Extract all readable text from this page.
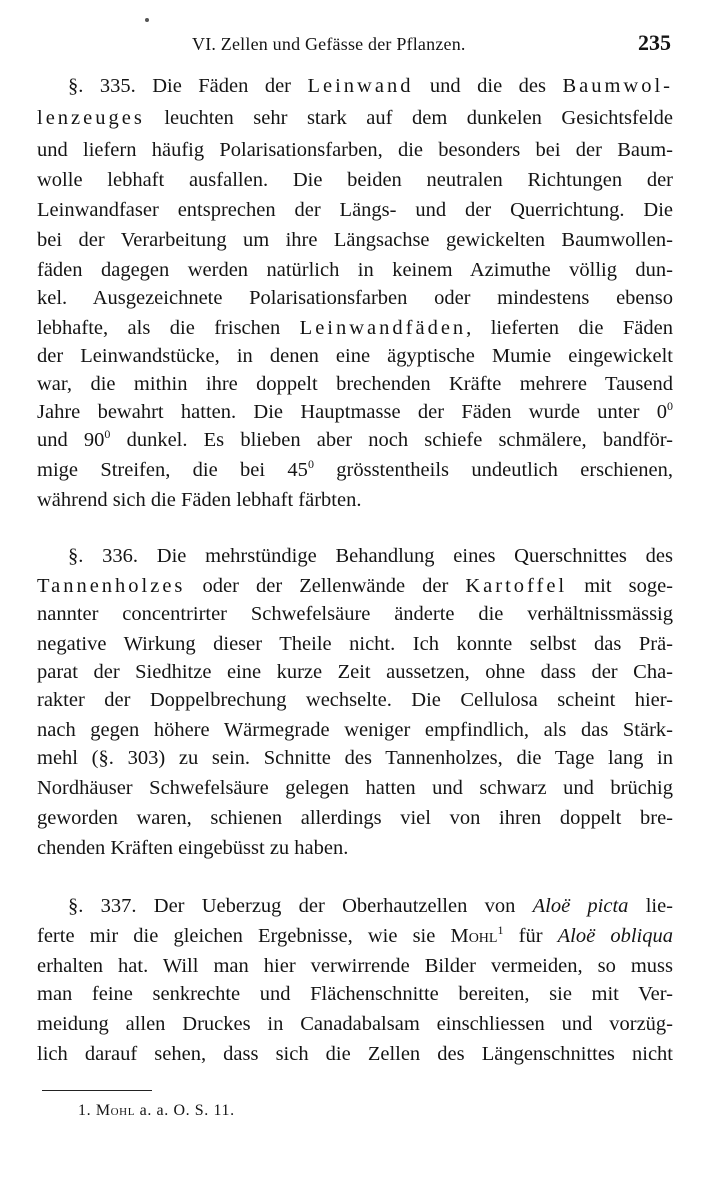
VI. Zellen und Gefässe der Pflanzen.	235
§. 335. Die Fäden der Leinwand und die des Baumwol-
lenzeuges leuchten sehr stark auf dem dunkelen Gesichtsfelde
und liefern häufig Polarisationsfarben, die besonders bei der Baum-
wolle lebhaft ausfallen. Die beiden neutralen Richtungen der
Leinwandfaser entsprechen der Längs- und der Querrichtung. Die
bei der Verarbeitung um ihre Längsachse gewickelten Baumwollen-
fäden dagegen werden natürlich in keinem Azimuthe völlig dun-
kel. Ausgezeichnete Polarisationsfarben oder mindestens ebenso
lebhafte, als die frischen Leinwandfäden, lieferten die Fäden
der Leinwandstücke, in denen eine ägyptische Mumie eingewickelt
war, die mithin ihre doppelt brechenden Kräfte mehrere Tausend
Jahre bewahrt hatten. Die Hauptmasse der Fäden wurde unter $0^0$
und $90^0$ dunkel. Es blieben aber noch schiefe schmälere, bandför-
mige Streifen, die bei $45^0$ grösstentheils undeutlich erschienen,
während sich die Fäden lebhaft färbten.
§. 336. Die mehrstündige Behandlung eines Querschnittes des
Tannenholzes oder der Zellenwände der Kartoffel mit soge-
nannter concentrirter Schwefelsäure änderte die verhältnissmässig
negative Wirkung dieser Theile nicht. Ich konnte selbst das Prä-
parat der Siedhitze eine kurze Zeit aussetzen, ohne dass der Cha-
rakter der Doppelbrechung wechselte. Die Cellulosa scheint hier-
nach gegen höhere Wärmegrade weniger empfindlich, als das Stärk-
mehl (§. 303) zu sein. Schnitte des Tannenholzes, die Tage lang in
Nordhäuser Schwefelsäure gelegen hatten und schwarz und brüchig
geworden waren, schienen allerdings viel von ihren doppelt bre-
chenden Kräften eingebüsst zu haben.
§. 337. Der Ueberzug der Oberhautzellen von Aloë picta lie-
ferte mir die gleichen Ergebnisse, wie sie Mohl$^1$ für Aloë obliqua
erhalten hat. Will man hier verwirrende Bilder vermeiden, so muss
man feine senkrechte und Flächenschnitte bereiten, sie mit Ver-
meidung allen Druckes in Canadabalsam einschliessen und vorzüg-
lich darauf sehen, dass sich die Zellen des Längenschnittes nicht
1. Mohl a. a. O. S. 11.
